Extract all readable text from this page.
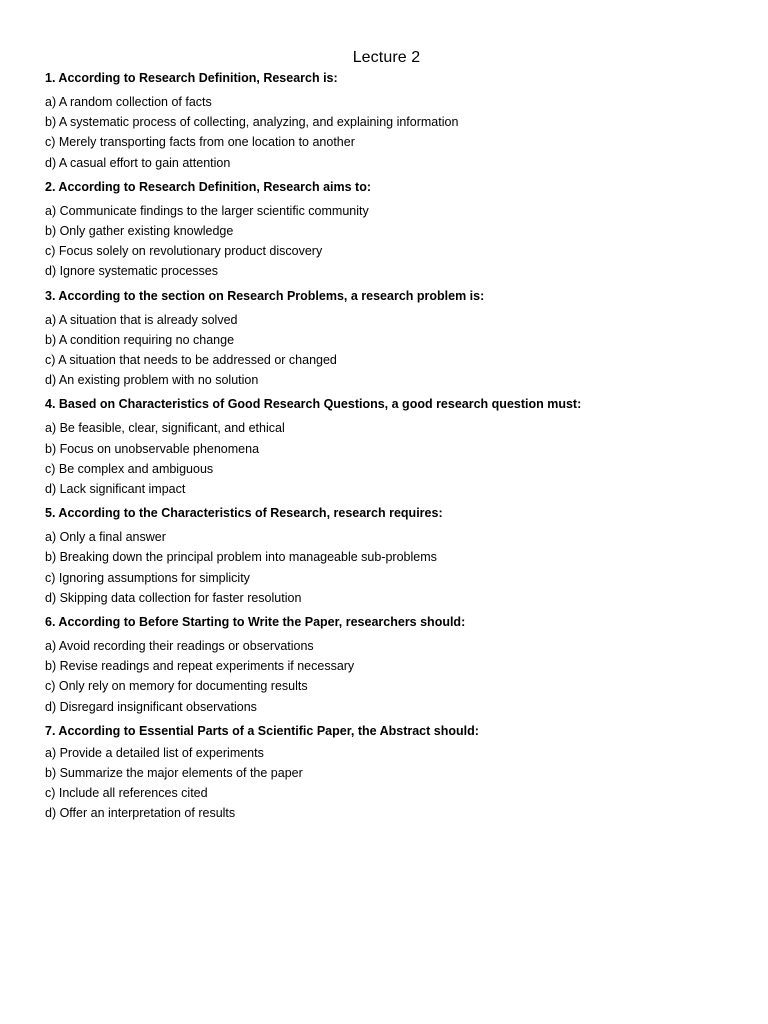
Lecture 2

1. According to Research Definition, Research is:

a) A random collection of facts
b) A systematic process of collecting, analyzing, and explaining information
c) Merely transporting facts from one location to another
d) A casual effort to gain attention

2. According to Research Definition, Research aims to:

a) Communicate findings to the larger scientific community
b) Only gather existing knowledge
c) Focus solely on revolutionary product discovery
d) Ignore systematic processes

3. According to the section on Research Problems, a research problem is:

a) A situation that is already solved
b) A condition requiring no change
c) A situation that needs to be addressed or changed
d) An existing problem with no solution

4. Based on Characteristics of Good Research Questions, a good research question must:

a) Be feasible, clear, significant, and ethical
b) Focus on unobservable phenomena
c) Be complex and ambiguous
d) Lack significant impact

5. According to the Characteristics of Research, research requires:

a) Only a final answer
b) Breaking down the principal problem into manageable sub-problems
c) Ignoring assumptions for simplicity
d) Skipping data collection for faster resolution

6. According to Before Starting to Write the Paper, researchers should:

a) Avoid recording their readings or observations
b) Revise readings and repeat experiments if necessary
c) Only rely on memory for documenting results
d) Disregard insignificant observations

7. According to Essential Parts of a Scientific Paper, the Abstract should:

a) Provide a detailed list of experiments
b) Summarize the major elements of the paper
c) Include all references cited
d) Offer an interpretation of results
